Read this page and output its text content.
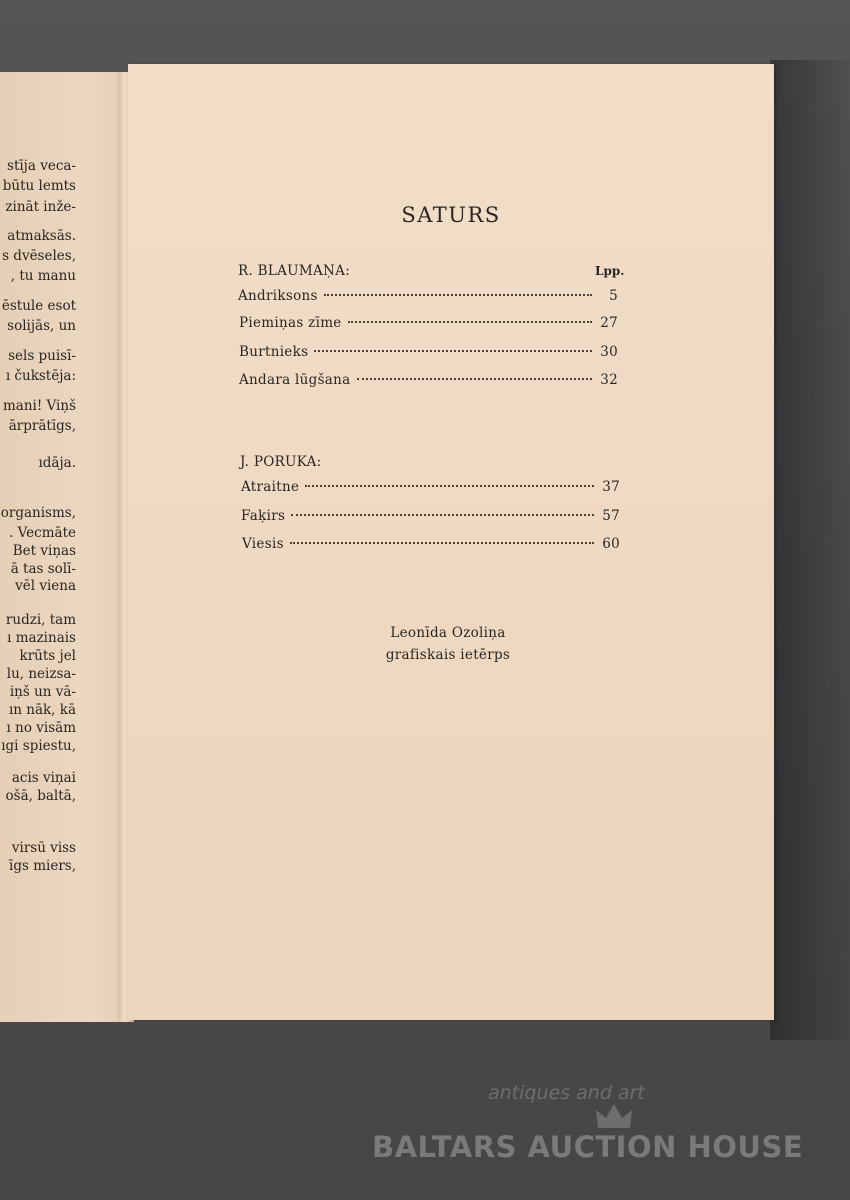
stīja veca-
būtu lemts
zināt inže-
atmaksās.
s dvēseles,
, tu manu
ēstule esot
solijās, un
sels puisī-
ı čukstēja:
mani! Viņš
ārprātīgs,
ıdāja.
organisms,
. Vecmāte
Bet viņas
ā tas solī-
vēl viena
rudzi, tam
ı mazinais
krūts jel
lu, neizsa-
iņš un vā-
ın nāk, kā
ı no visām
ıgi spiestu,
acis viņai
ošā, baltā,
virsū viss
īgs miers,
SATURS
R. BLAUMAŅA:	Lpp.
Andriksons	5
Piemiņas zīme	27
Burtnieks	30
Andara lūgšana	32
J. PORUKA:
Atraitne	37
Faķirs	57
Viesis	60
Leonīda Ozoliņa
grafiskais ietērps
antiques and art
BALTARS AUCTION HOUSE
